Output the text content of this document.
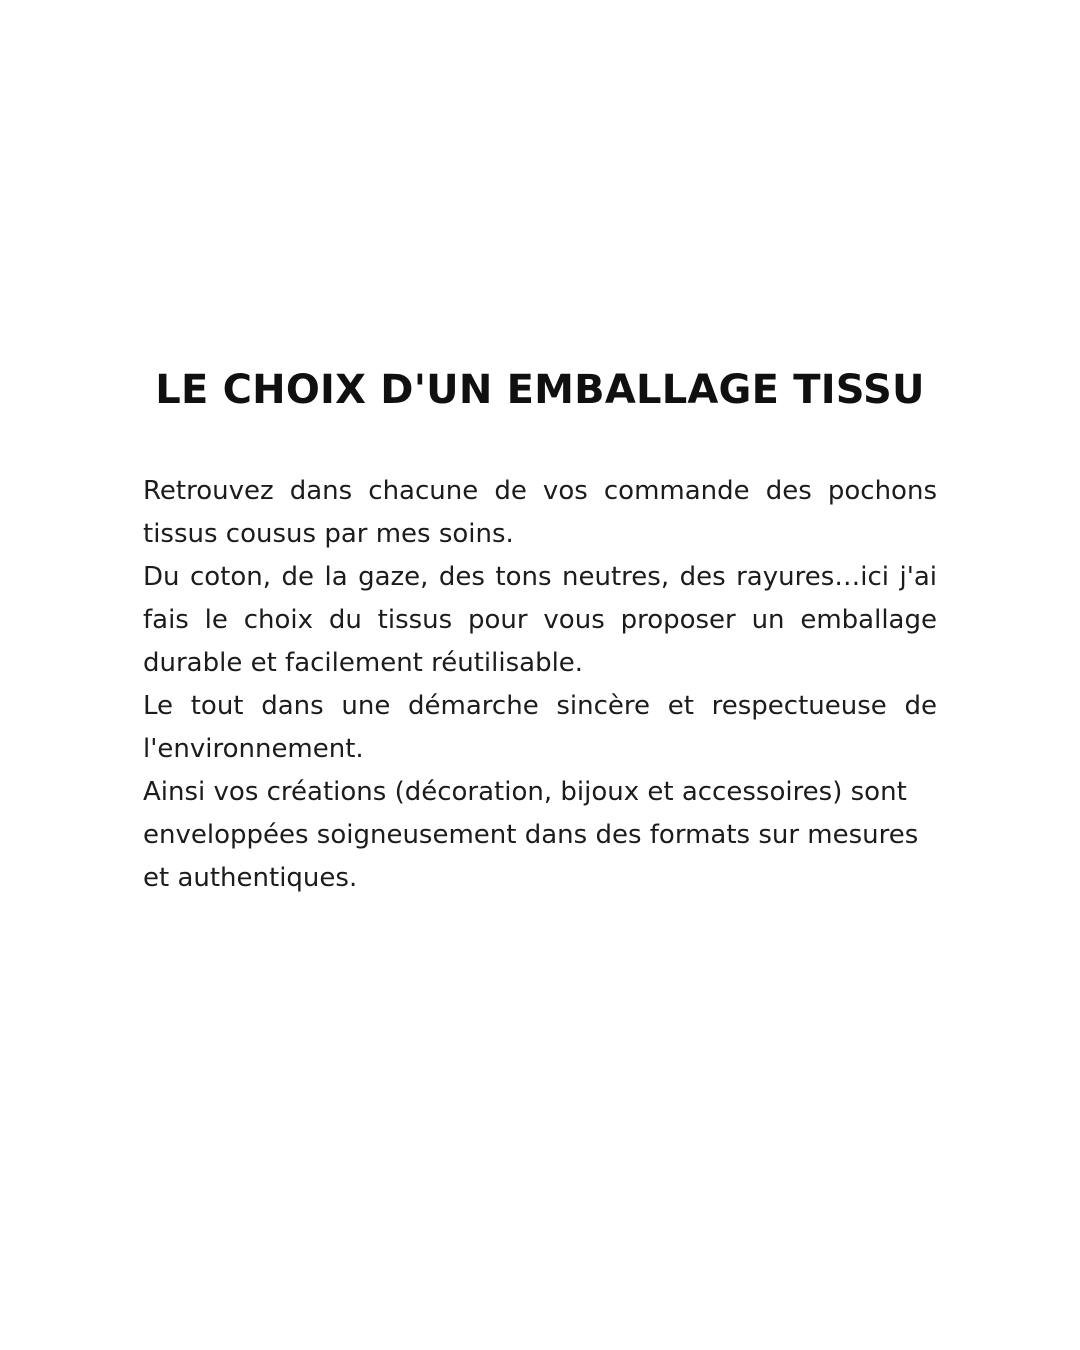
LE CHOIX D'UN EMBALLAGE TISSU

Retrouvez dans chacune de vos commande des pochons tissus cousus par mes soins.

Du coton, de la gaze, des tons neutres, des rayures…ici j'ai fais le choix du tissus pour vous proposer un emballage durable et facilement réutilisable.

Le tout dans une démarche sincère et respectueuse de l'environnement.

Ainsi vos créations (décoration, bijoux et accessoires) sont enveloppées soigneusement dans des formats sur mesures et authentiques.
